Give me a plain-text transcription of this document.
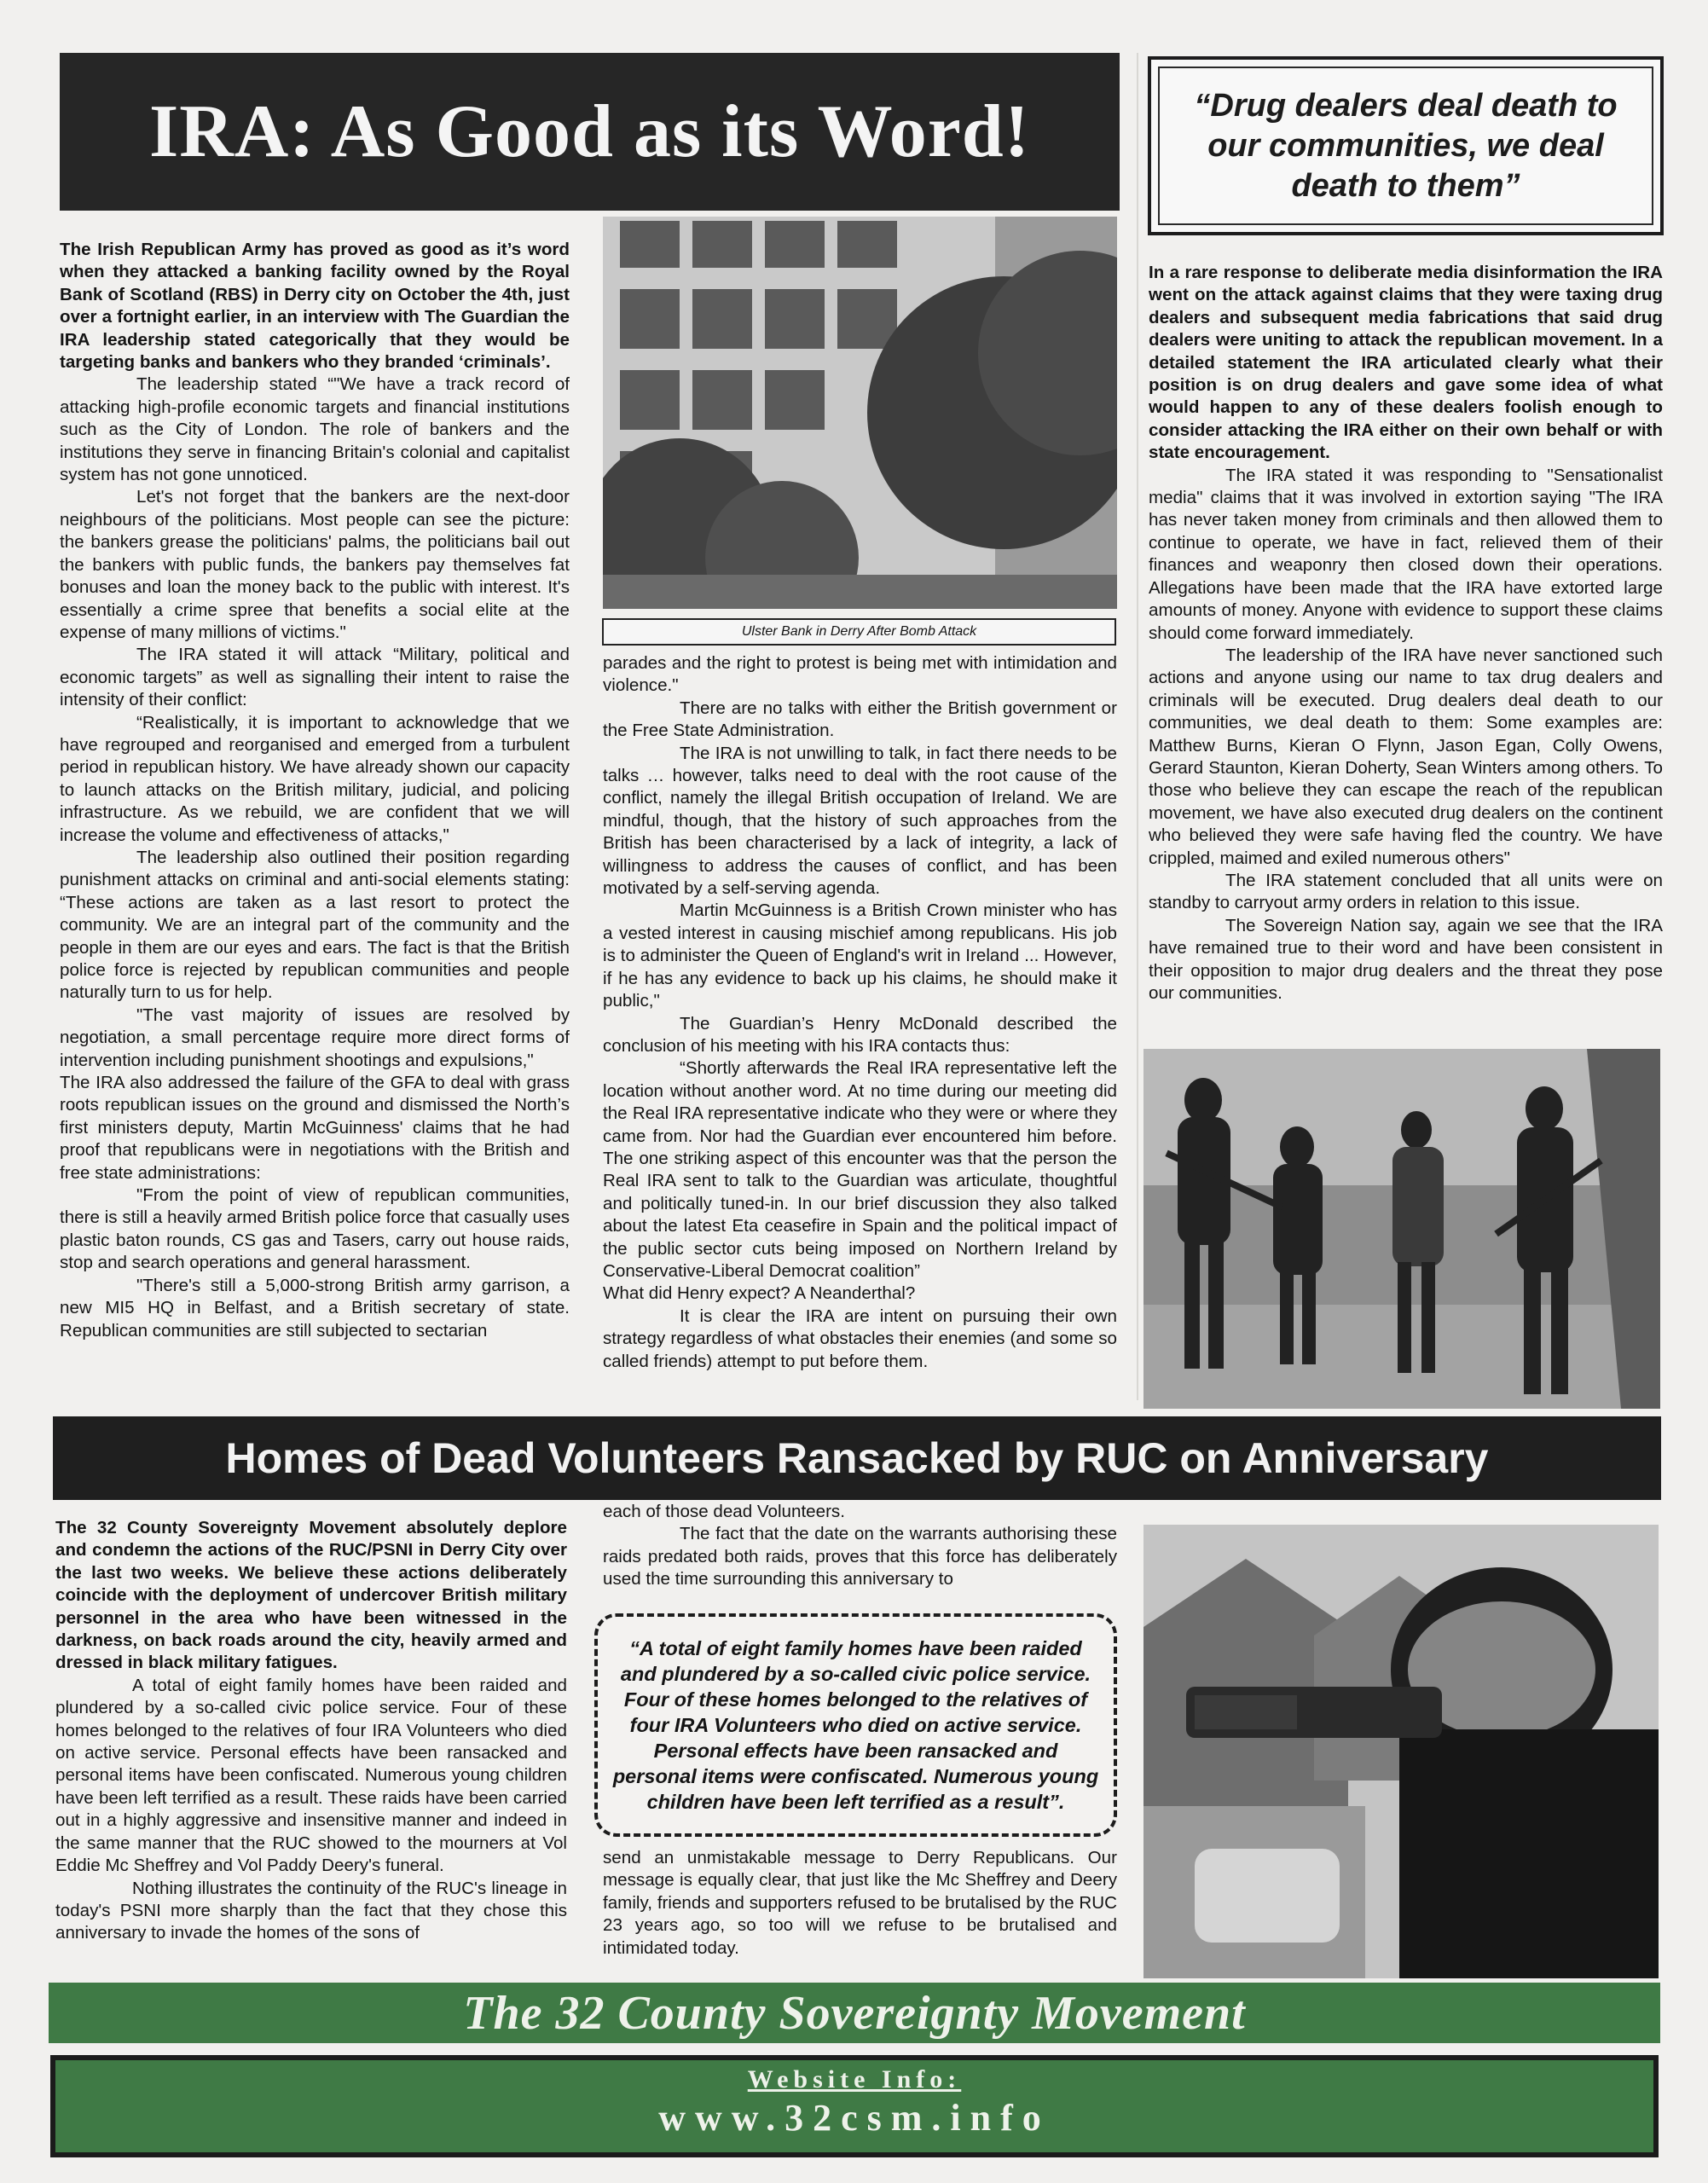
IRA: As Good as its Word!	“Drug dealers deal death to our communities, we deal death to them”

The Irish Republican Army has proved as good as it’s word when they attacked a banking facility owned by the Royal Bank of Scotland (RBS) in Derry city on October the 4th, just over a fortnight earlier, in an interview with The Guardian the IRA leadership stated categorically that they would be targeting banks and bankers who they branded ‘criminals’.

The leadership stated “"We have a track record of attacking high-profile economic targets and financial institutions such as the City of London. The role of bankers and the institutions they serve in financing Britain's colonial and capitalist system has not gone unnoticed.

Let's not forget that the bankers are the next-door neighbours of the politicians. Most people can see the picture: the bankers grease the politicians' palms, the politicians bail out the bankers with public funds, the bankers pay themselves fat bonuses and loan the money back to the public with interest. It's essentially a crime spree that benefits a social elite at the expense of many millions of victims."

The IRA stated it will attack “Military, political and economic targets” as well as signalling their intent to raise the intensity of their conflict:

“Realistically, it is important to acknowledge that we have regrouped and reorganised and emerged from a turbulent period in republican history. We have already shown our capacity to launch attacks on the British military, judicial, and policing infrastructure. As we rebuild, we are confident that we will increase the volume and effectiveness of attacks,"

The leadership also outlined their position regarding punishment attacks on criminal and anti-social elements stating: “These actions are taken as a last resort to protect the community. We are an integral part of the community and the people in them are our eyes and ears. The fact is that the British police force is rejected by republican communities and people naturally turn to us for help.

"The vast majority of issues are resolved by negotiation, a small percentage require more direct forms of intervention including punishment shootings and expulsions,"

The IRA also addressed the failure of the GFA to deal with grass roots republican issues on the ground and dismissed the North’s first ministers deputy, Martin McGuinness' claims that he had proof that republicans were in negotiations with the British and free state administrations:

"From the point of view of republican communities, there is still a heavily armed British police force that casually uses plastic baton rounds, CS gas and Tasers, carry out house raids, stop and search operations and general harassment.

"There's still a 5,000-strong British army garrison, a new MI5 HQ in Belfast, and a British secretary of state. Republican communities are still subjected to sectarian

Ulster Bank in Derry After Bomb Attack

parades and the right to protest is being met with intimidation and violence."

There are no talks with either the British government or the Free State Administration.

The IRA is not unwilling to talk, in fact there needs to be talks … however, talks need to deal with the root cause of the conflict, namely the illegal British occupation of Ireland. We are mindful, though, that the history of such approaches from the British has been characterised by a lack of integrity, a lack of willingness to address the causes of conflict, and has been motivated by a self-serving agenda.

Martin McGuinness is a British Crown minister who has a vested interest in causing mischief among republicans. His job is to administer the Queen of England's writ in Ireland ... However, if he has any evidence to back up his claims, he should make it public,"

The Guardian’s Henry McDonald described the conclusion of his meeting with his IRA contacts thus:

“Shortly afterwards the Real IRA representative left the location without another word. At no time during our meeting did the Real IRA representative indicate who they were or where they came from. Nor had the Guardian ever encountered him before. The one striking aspect of this encounter was that the person the Real IRA sent to talk to the Guardian was articulate, thoughtful and politically tuned-in. In our brief discussion they also talked about the latest Eta ceasefire in Spain and the political impact of the public sector cuts being imposed on Northern Ireland by Conservative-Liberal Democrat coalition”

What did Henry expect? A Neanderthal?

It is clear the IRA are intent on pursuing their own strategy regardless of what obstacles their enemies (and some so called friends) attempt to put before them.

In a rare response to deliberate media disinformation the IRA went on the attack against claims that they were taxing drug dealers and subsequent media fabrications that said drug dealers were uniting to attack the republican movement. In a detailed statement the IRA articulated clearly what their position is on drug dealers and gave some idea of what would happen to any of these dealers foolish enough to consider attacking the IRA either on their own behalf or with state encouragement.

The IRA stated it was responding to "Sensationalist media" claims that it was involved in extortion saying "The IRA has never taken money from criminals and then allowed them to continue to operate, we have in fact, relieved them of their finances and weaponry then closed down their operations. Allegations have been made that the IRA have extorted large amounts of money. Anyone with evidence to support these claims should come forward immediately.

The leadership of the IRA have never sanctioned such actions and anyone using our name to tax drug dealers and criminals will be executed. Drug dealers deal death to our communities, we deal death to them: Some examples are: Matthew Burns, Kieran O Flynn, Jason Egan, Colly Owens, Gerard Staunton, Kieran Doherty, Sean Winters among others. To those who believe they can escape the reach of the republican movement, we have also executed drug dealers on the continent who believed they were safe having fled the country. We have crippled, maimed and exiled numerous others"

The IRA statement concluded that all units were on standby to carryout army orders in relation to this issue.

The Sovereign Nation say, again we see that the IRA have remained true to their word and have been consistent in their opposition to major drug dealers and the threat they pose our communities.

Homes of Dead Volunteers Ransacked by RUC on Anniversary

The 32 County Sovereignty Movement absolutely deplore and condemn the actions of the RUC/PSNI in Derry City over the last two weeks. We believe these actions deliberately coincide with the deployment of undercover British military personnel in the area who have been witnessed in the darkness, on back roads around the city, heavily armed and dressed in black military fatigues.

A total of eight family homes have been raided and plundered by a so-called civic police service. Four of these homes belonged to the relatives of four IRA Volunteers who died on active service. Personal effects have been ransacked and personal items have been confiscated. Numerous young children have been left terrified as a result. These raids have been carried out in a highly aggressive and insensitive manner and indeed in the same manner that the RUC showed to the mourners at Vol Eddie Mc Sheffrey and Vol Paddy Deery's funeral.

Nothing illustrates the continuity of the RUC's lineage in today's PSNI more sharply than the fact that they chose this anniversary to invade the homes of the sons of

each of those dead Volunteers.

The fact that the date on the warrants authorising these raids predated both raids, proves that this force has deliberately used the time surrounding this anniversary to

“A total of eight family homes have been raided and plundered by a so-called civic police service. Four of these homes belonged to the relatives of four IRA Volunteers who died on active service. Personal effects have been ransacked and personal items were confiscated. Numerous young children have been left terrified as a result”.

send an unmistakable message to Derry Republicans. Our message is equally clear, that just like the Mc Sheffrey and Deery family, friends and supporters refused to be brutalised by the RUC 23 years ago, so too will we refuse to be brutalised and intimidated today.

The 32 County Sovereignty Movement
Website Info:
www.32csm.info
